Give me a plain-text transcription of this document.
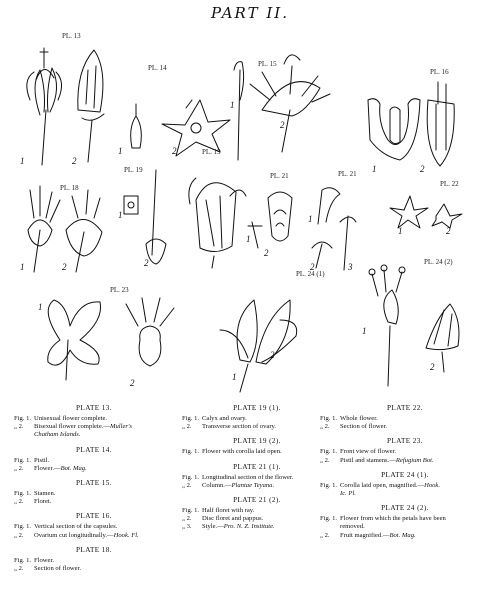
PART II.
PL. 13
PL. 14	PL. 15
PL. 16
PL. 19
PL. 19
PL. 21	PL. 21
PL. 22
PL. 18
PL. 24 (1)
PL. 24 (2)
PL. 23
1	2
1	2
1
2
1	2
1
2
1	2
1
2
1
2	3
1	2
1
2
1
2
1
2
PLATE 13.
Fig. 1. Unisexual flower complete.
„ 2. Bisexual flower complete.—Muller's
Chatham Islands.
PLATE 14.
Fig. 1. Pistil.
„ 2. Flower.—Bot. Mag.
PLATE 15.
Fig. 1. Stamen.
„ 2. Floret.
PLATE 16.
Fig. 1. Vertical section of the capsules.
„ 2. Ovarium cut longitudinally.—Hook. Fl.
PLATE 18.
Fig. 1. Flower.
„ 2. Section of flower.
PLATE 19 (1).
Fig. 1. Calyx and ovary.
„ 2. Transverse section of ovary.
PLATE 19 (2).
Fig. 1. Flower with corolla laid open.
PLATE 21 (1).
Fig. 1. Longitudinal section of the flower.
„ 2. Column.—Plantae Teyana.
PLATE 21 (2).
Fig. 1. Half floret with ray.
„ 2. Disc floret and pappus.
„ 3. Style.—Pro. N. Z. Institute.
PLATE 22.
Fig. 1. Whole flower.
„ 2. Section of flower.
PLATE 23.
Fig. 1. Front view of flower.
„ 2. Pistil and stamens.—Refugium Bot.
PLATE 24 (1).
Fig. 1. Corolla laid open, magnified.—Hook.
Ic. Pl.
PLATE 24 (2).
Fig. 1. Flower from which the petals have been
removed.
„ 2. Fruit magnified.—Bot. Mag.
